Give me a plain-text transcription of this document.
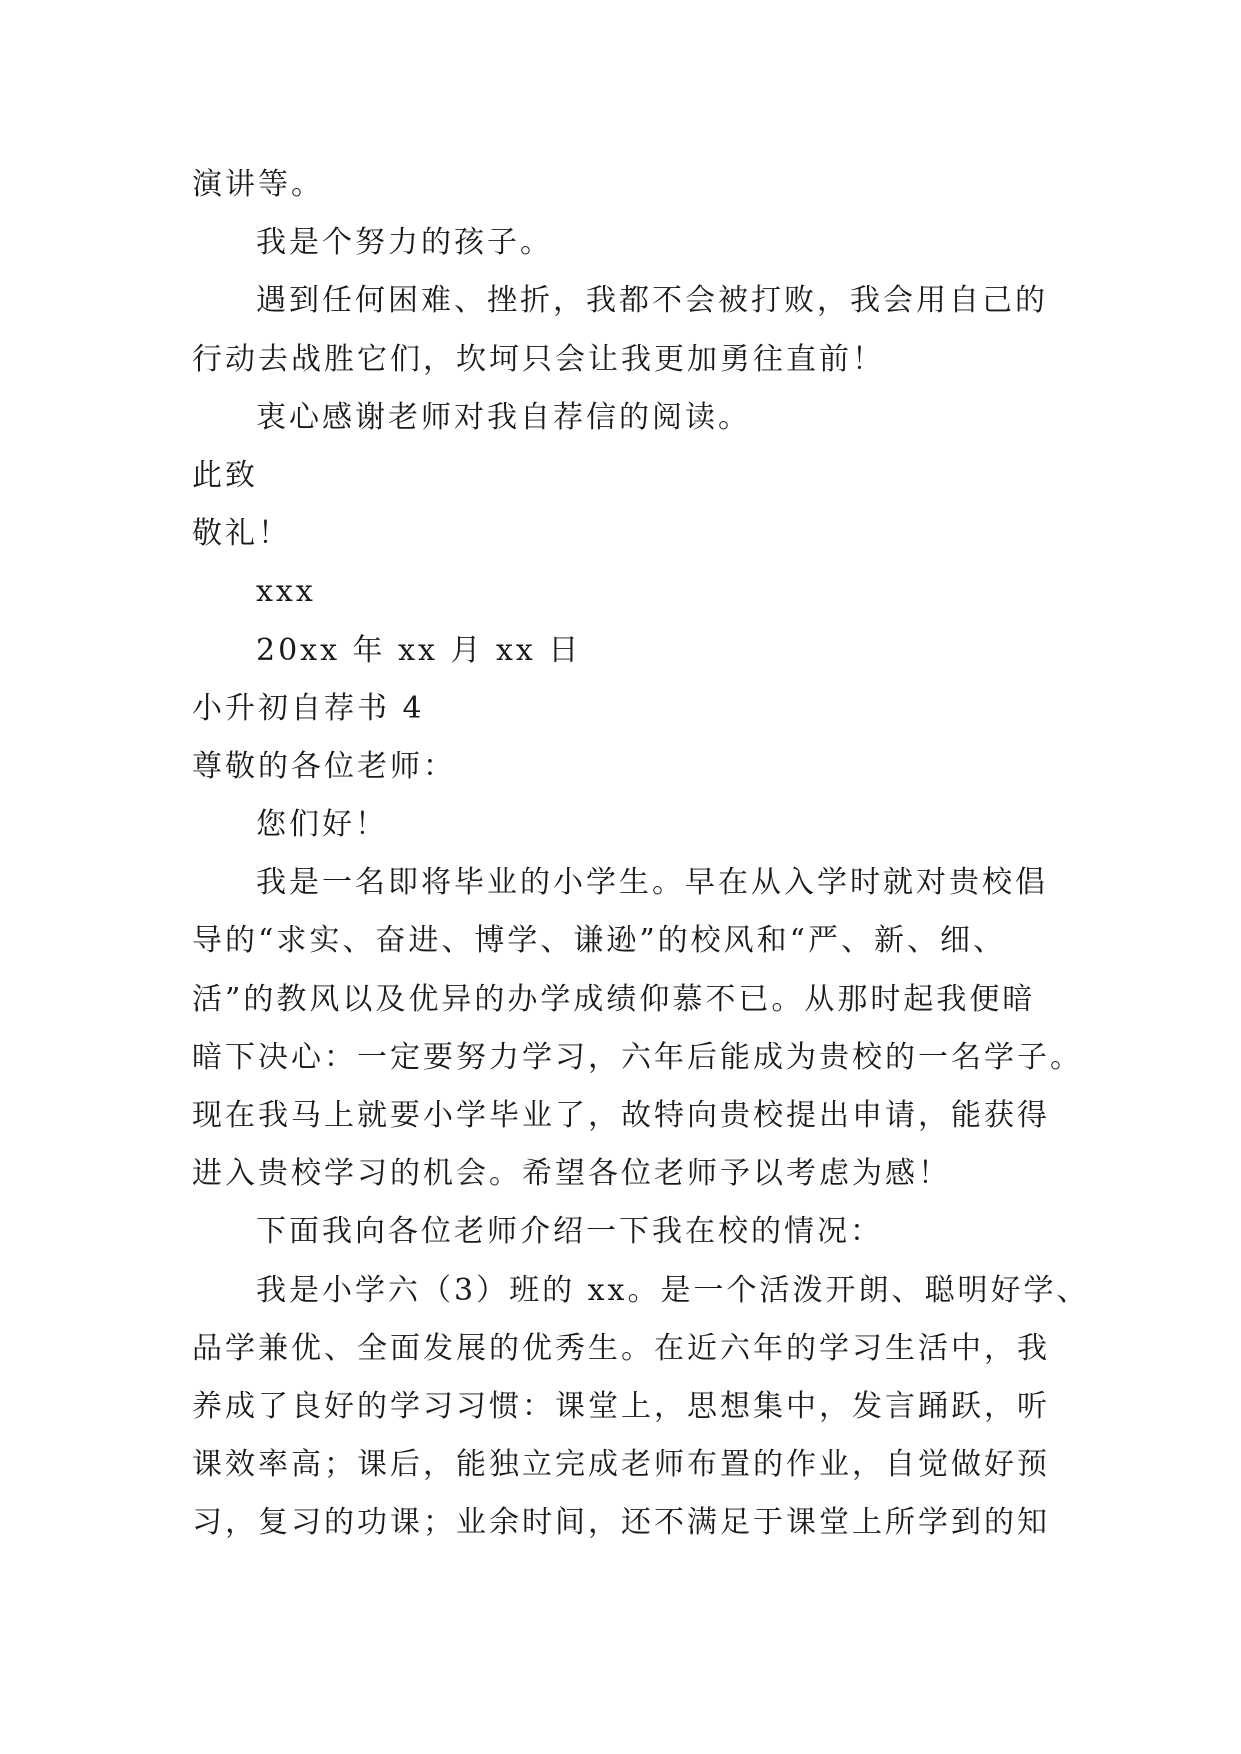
演讲等。
我是个努力的孩子。
遇到任何困难、挫折，我都不会被打败，我会用自己的
行动去战胜它们，坎坷只会让我更加勇往直前！
衷心感谢老师对我自荐信的阅读。
此致
敬礼！
xxx
20xx 年 xx 月 xx 日
小升初自荐书 4
尊敬的各位老师：
您们好！
我是一名即将毕业的小学生。早在从入学时就对贵校倡
导的“求实、奋进、博学、谦逊”的校风和“严、新、细、
活”的教风以及优异的办学成绩仰慕不已。从那时起我便暗
暗下决心：一定要努力学习，六年后能成为贵校的一名学子。
现在我马上就要小学毕业了，故特向贵校提出申请，能获得
进入贵校学习的机会。希望各位老师予以考虑为感！
下面我向各位老师介绍一下我在校的情况：
我是小学六（3）班的 xx。是一个活泼开朗、聪明好学、
品学兼优、全面发展的优秀生。在近六年的学习生活中，我
养成了良好的学习习惯：课堂上，思想集中，发言踊跃，听
课效率高；课后，能独立完成老师布置的作业，自觉做好预
习，复习的功课；业余时间，还不满足于课堂上所学到的知
